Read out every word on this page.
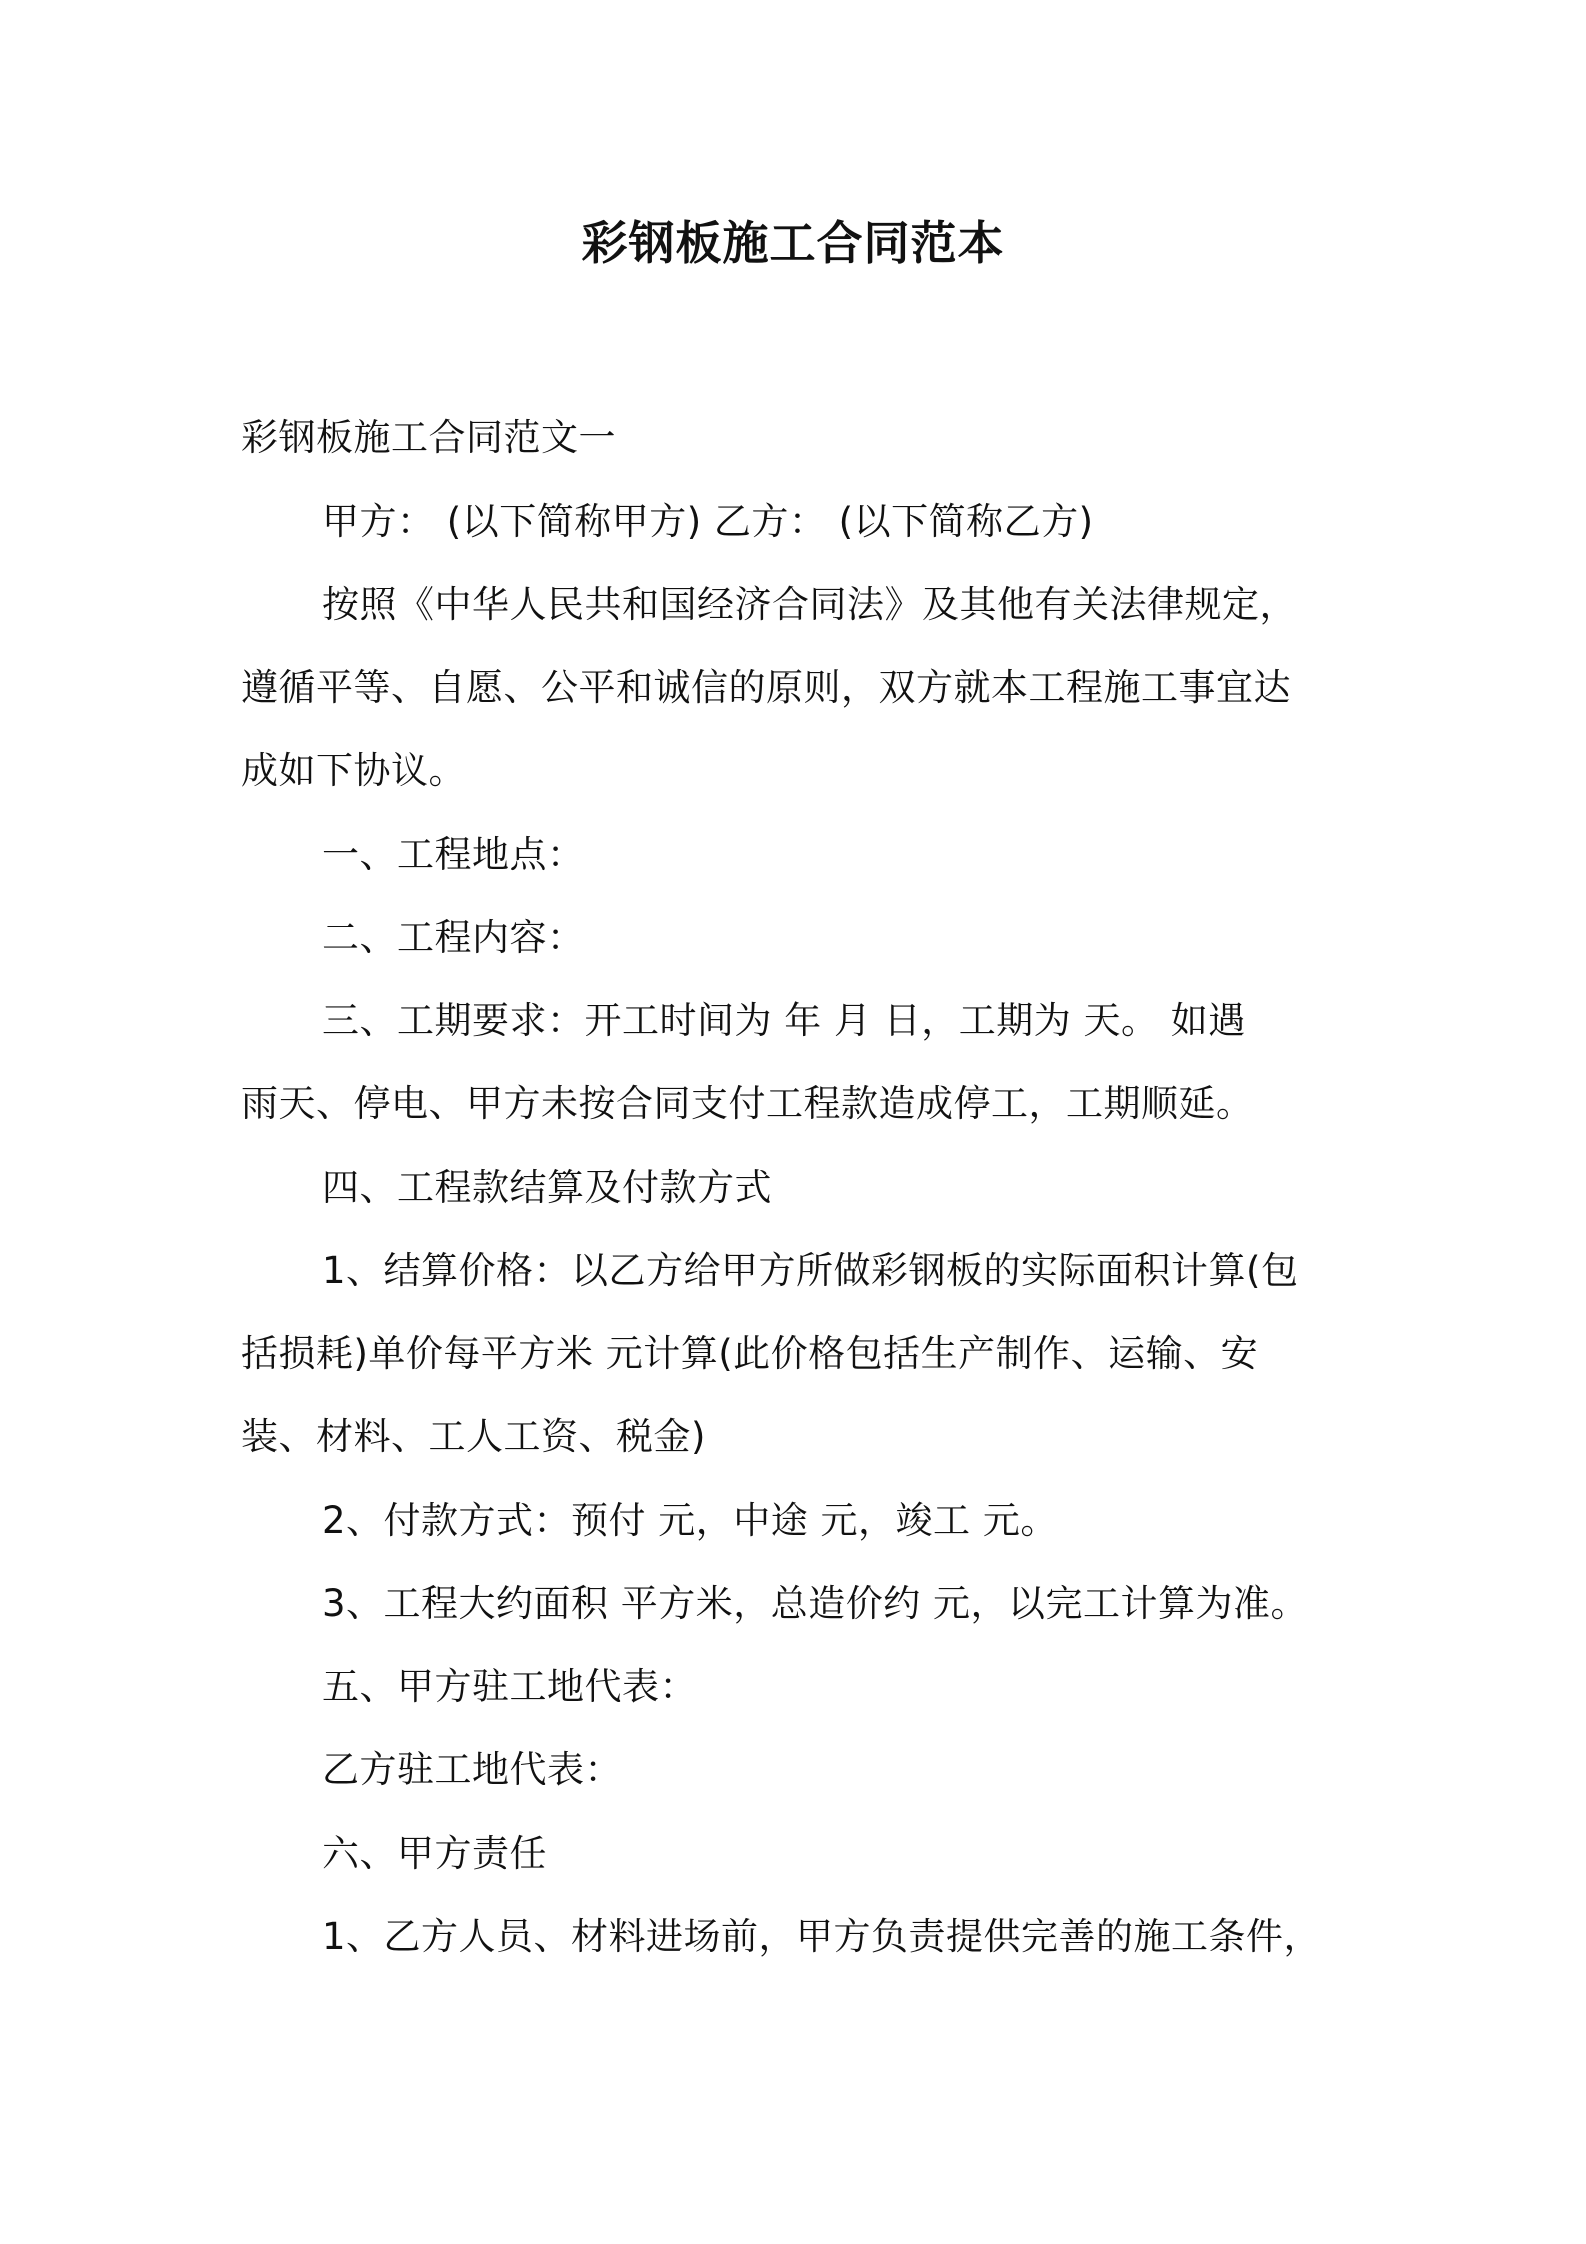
彩钢板施工合同范本
彩钢板施工合同范文一
甲方： (以下简称甲方) 乙方： (以下简称乙方)
按照《中华人民共和国经济合同法》及其他有关法律规定，
遵循平等、自愿、公平和诚信的原则，双方就本工程施工事宜达
成如下协议。
一、工程地点：
二、工程内容：
三、工期要求：开工时间为 年 月 日，工期为 天。 如遇
雨天、停电、甲方未按合同支付工程款造成停工，工期顺延。
四、工程款结算及付款方式
1、结算价格：以乙方给甲方所做彩钢板的实际面积计算(包
括损耗)单价每平方米 元计算(此价格包括生产制作、运输、安
装、材料、工人工资、税金)
2、付款方式：预付 元，中途 元，竣工 元。
3、工程大约面积 平方米，总造价约 元，以完工计算为准。
五、甲方驻工地代表：
乙方驻工地代表：
六、甲方责任
1、乙方人员、材料进场前，甲方负责提供完善的施工条件，
